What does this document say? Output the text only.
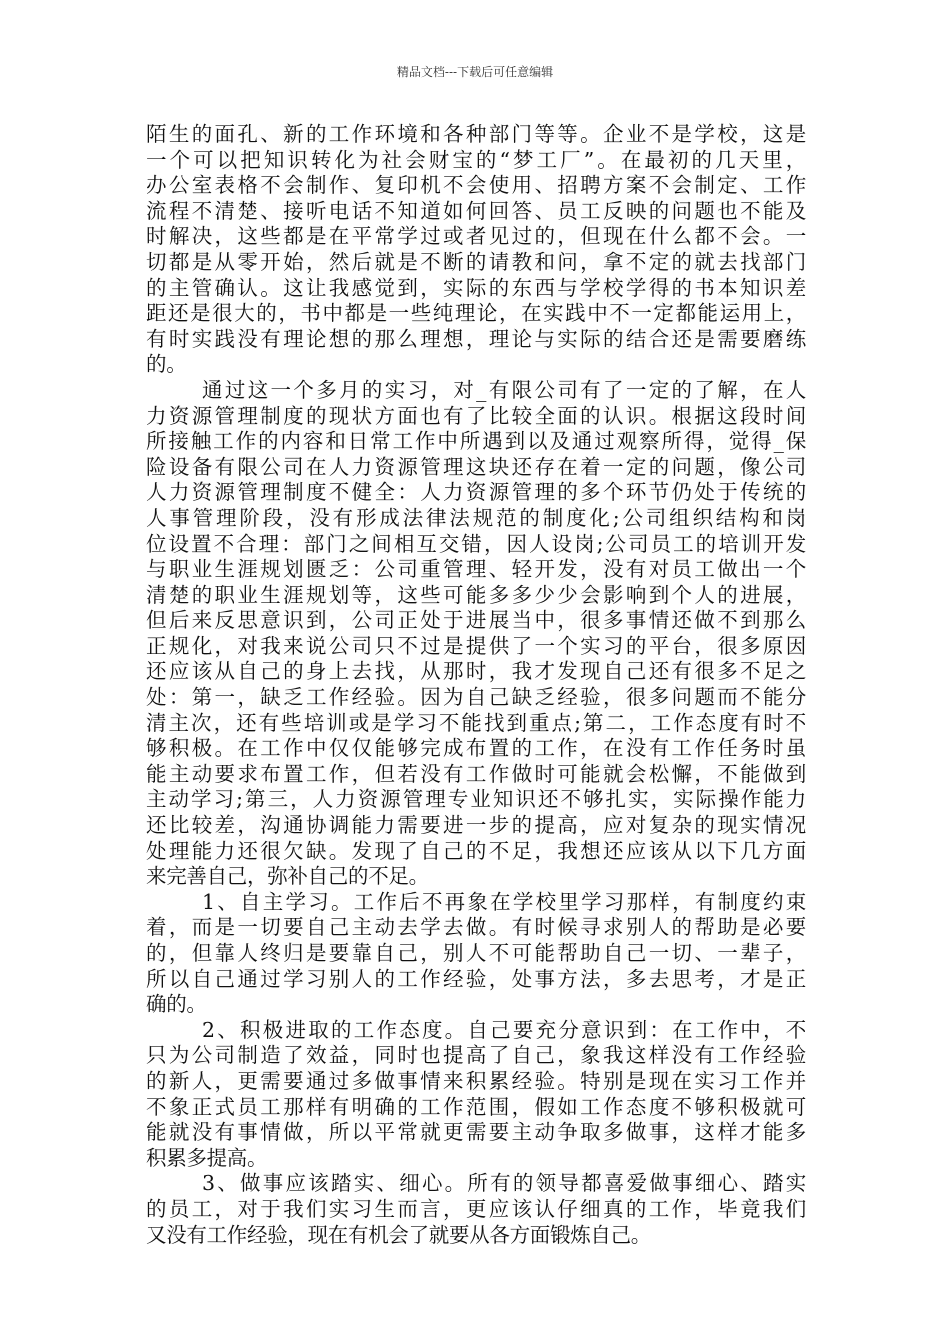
精品文档---下载后可任意编辑
陌生的面孔、新的工作环境和各种部门等等。企业不是学校，这是
一个可以把知识转化为社会财宝的“梦工厂”。在最初的几天里，
办公室表格不会制作、复印机不会使用、招聘方案不会制定、工作
流程不清楚、接听电话不知道如何回答、员工反映的问题也不能及
时解决，这些都是在平常学过或者见过的，但现在什么都不会。一
切都是从零开始，然后就是不断的请教和问，拿不定的就去找部门
的主管确认。这让我感觉到，实际的东西与学校学得的书本知识差
距还是很大的，书中都是一些纯理论，在实践中不一定都能运用上，
有时实践没有理论想的那么理想，理论与实际的结合还是需要磨练
的。
通过这一个多月的实习，对_有限公司有了一定的了解，在人
力资源管理制度的现状方面也有了比较全面的认识。根据这段时间
所接触工作的内容和日常工作中所遇到以及通过观察所得，觉得_保
险设备有限公司在人力资源管理这块还存在着一定的问题，像公司
人力资源管理制度不健全：人力资源管理的多个环节仍处于传统的
人事管理阶段，没有形成法律法规范的制度化;公司组织结构和岗
位设置不合理：部门之间相互交错，因人设岗;公司员工的培训开发
与职业生涯规划匮乏：公司重管理、轻开发，没有对员工做出一个
清楚的职业生涯规划等，这些可能多多少少会影响到个人的进展，
但后来反思意识到，公司正处于进展当中，很多事情还做不到那么
正规化，对我来说公司只不过是提供了一个实习的平台，很多原因
还应该从自己的身上去找，从那时，我才发现自己还有很多不足之
处：第一，缺乏工作经验。因为自己缺乏经验，很多问题而不能分
清主次，还有些培训或是学习不能找到重点;第二，工作态度有时不
够积极。在工作中仅仅能够完成布置的工作，在没有工作任务时虽
能主动要求布置工作，但若没有工作做时可能就会松懈，不能做到
主动学习;第三，人力资源管理专业知识还不够扎实，实际操作能力
还比较差，沟通协调能力需要进一步的提高，应对复杂的现实情况
处理能力还很欠缺。发现了自己的不足，我想还应该从以下几方面
来完善自己，弥补自己的不足。
1、自主学习。工作后不再象在学校里学习那样，有制度约束
着，而是一切要自己主动去学去做。有时候寻求别人的帮助是必要
的，但靠人终归是要靠自己，别人不可能帮助自己一切、一辈子，
所以自己通过学习别人的工作经验，处事方法，多去思考，才是正
确的。
2、积极进取的工作态度。自己要充分意识到：在工作中，不
只为公司制造了效益，同时也提高了自己，象我这样没有工作经验
的新人，更需要通过多做事情来积累经验。特别是现在实习工作并
不象正式员工那样有明确的工作范围，假如工作态度不够积极就可
能就没有事情做，所以平常就更需要主动争取多做事，这样才能多
积累多提高。
3、做事应该踏实、细心。所有的领导都喜爱做事细心、踏实
的员工，对于我们实习生而言，更应该认仔细真的工作，毕竟我们
又没有工作经验，现在有机会了就要从各方面锻炼自己。
